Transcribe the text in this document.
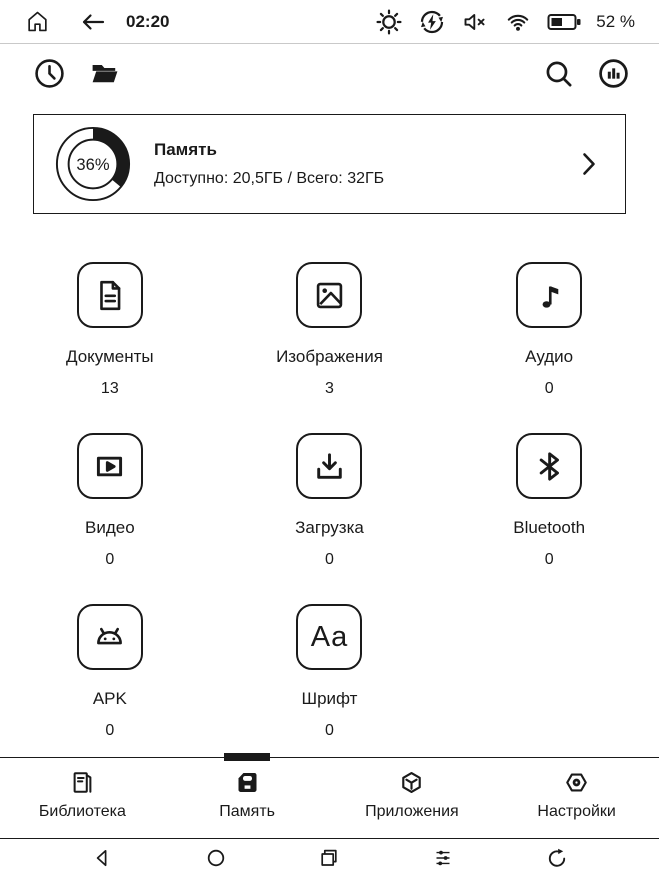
02:20	52 %
36%
Память
Доступно: 20,5ГБ / Всего: 32ГБ
Документы
13
Изображения
3
Аудио
0
Видео
0
Загрузка
0
Bluetooth
0
APK
0
Aa
Шрифт
0
Библиотека	Память	Приложения	Настройки
